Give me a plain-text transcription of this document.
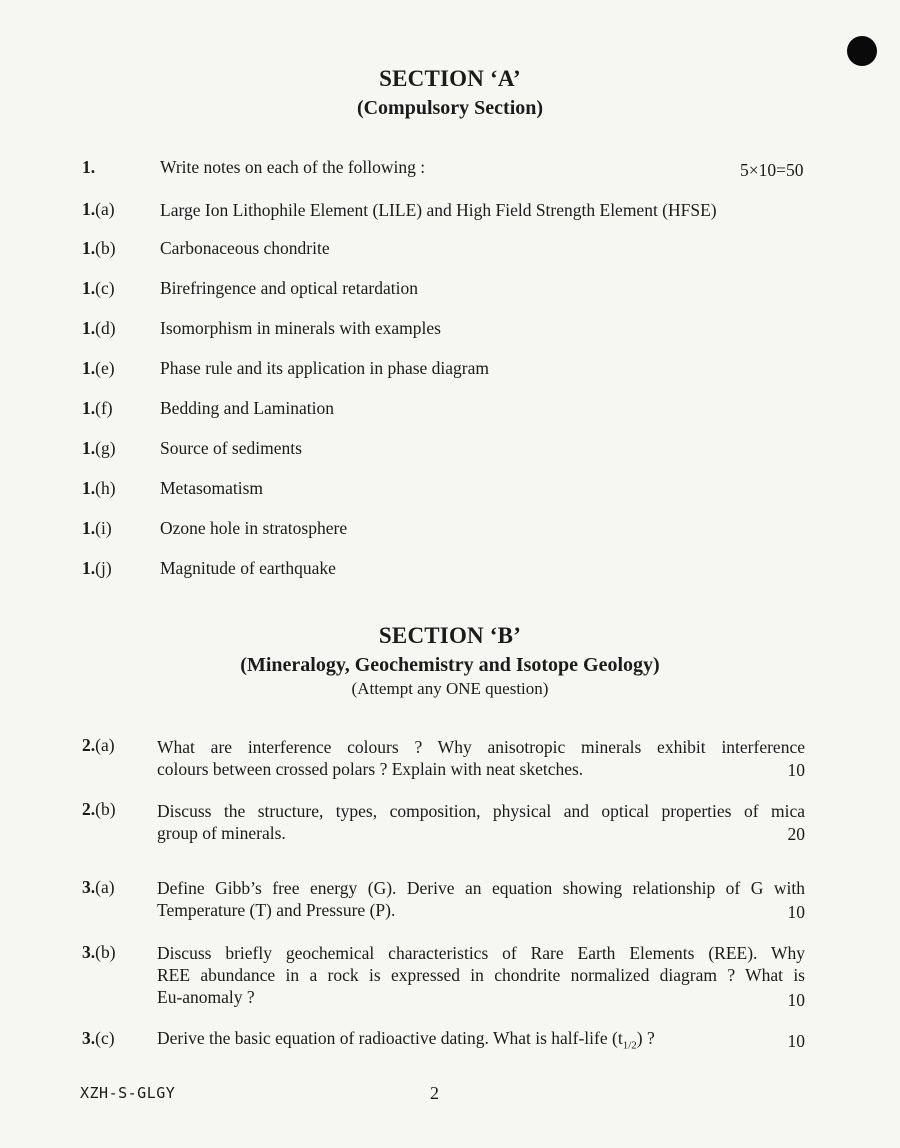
SECTION ‘A’
(Compulsory Section)
1.	Write notes on each of the following :	5×10=50
1.(a)	Large Ion Lithophile Element (LILE) and High Field Strength Element (HFSE)
1.(b)	Carbonaceous chondrite
1.(c)	Birefringence and optical retardation
1.(d)	Isomorphism in minerals with examples
1.(e)	Phase rule and its application in phase diagram
1.(f)	Bedding and Lamination
1.(g)	Source of sediments
1.(h)	Metasomatism
1.(i)	Ozone hole in stratosphere
1.(j)	Magnitude of earthquake
SECTION ‘B’
(Mineralogy, Geochemistry and Isotope Geology)
(Attempt any ONE question)
2.(a) What are interference colours ? Why anisotropic minerals exhibit interference
colours between crossed polars ? Explain with neat sketches.	10
2.(b) Discuss the structure, types, composition, physical and optical properties of mica
group of minerals.	20
3.(a) Define Gibb’s free energy (G). Derive an equation showing relationship of G with
Temperature (T) and Pressure (P).	10
3.(b) Discuss briefly geochemical characteristics of Rare Earth Elements (REE). Why
REE abundance in a rock is expressed in chondrite normalized diagram ? What is
Eu-anomaly ?	10
3.(c) Derive the basic equation of radioactive dating. What is half-life $(t_{1/2})$ ?	10
XZH-S-GLGY	2
